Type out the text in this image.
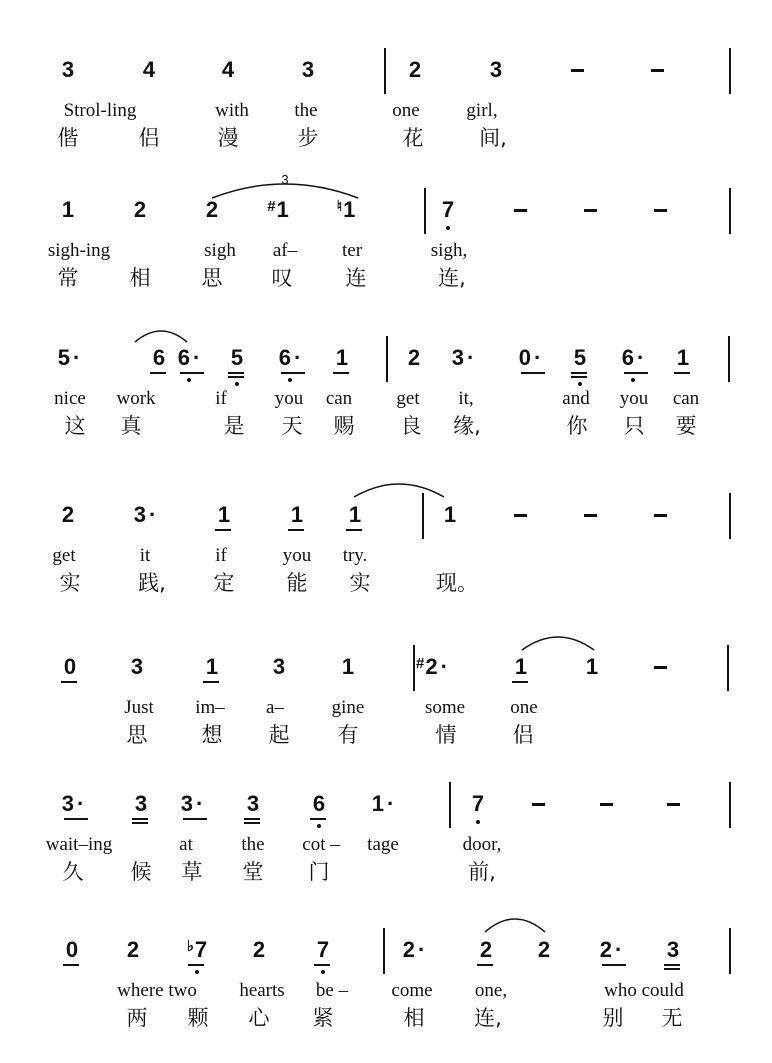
3	4	4	3	2	3
Strol-ling	with the	one girl,
偕	侣	漫	步	花	间,
3
1	2	2	#1	♮1	7
sigh-ing	sigh af– ter	sigh,
常 相 思 叹	连	连,
5 ·	6 6 · 5 6 · 1	2 3 · 0 · 5 6 · 1
nice work	if	you can get it,	and you can
这 真	是 天 赐 良 缘,	你 只 要
2	3 ·	1	1 1	1
get	it	if	you try.
实	践, 定 能 实	现。
0 3	1 3	1	#2 ·	1	1
Just im– a–	gine	some one
思	想 起 有	情	侣
3 · 3 3 · 3 6 1 ·	7
wait–ing	at	the cot – tage	door,
久 候 草 堂 门	前,
0 2	♭7 2 7	2 · 2 2 2 · 3
where two hearts be – come one,	who could
两 颗 心 紧	相 连,	别 无
